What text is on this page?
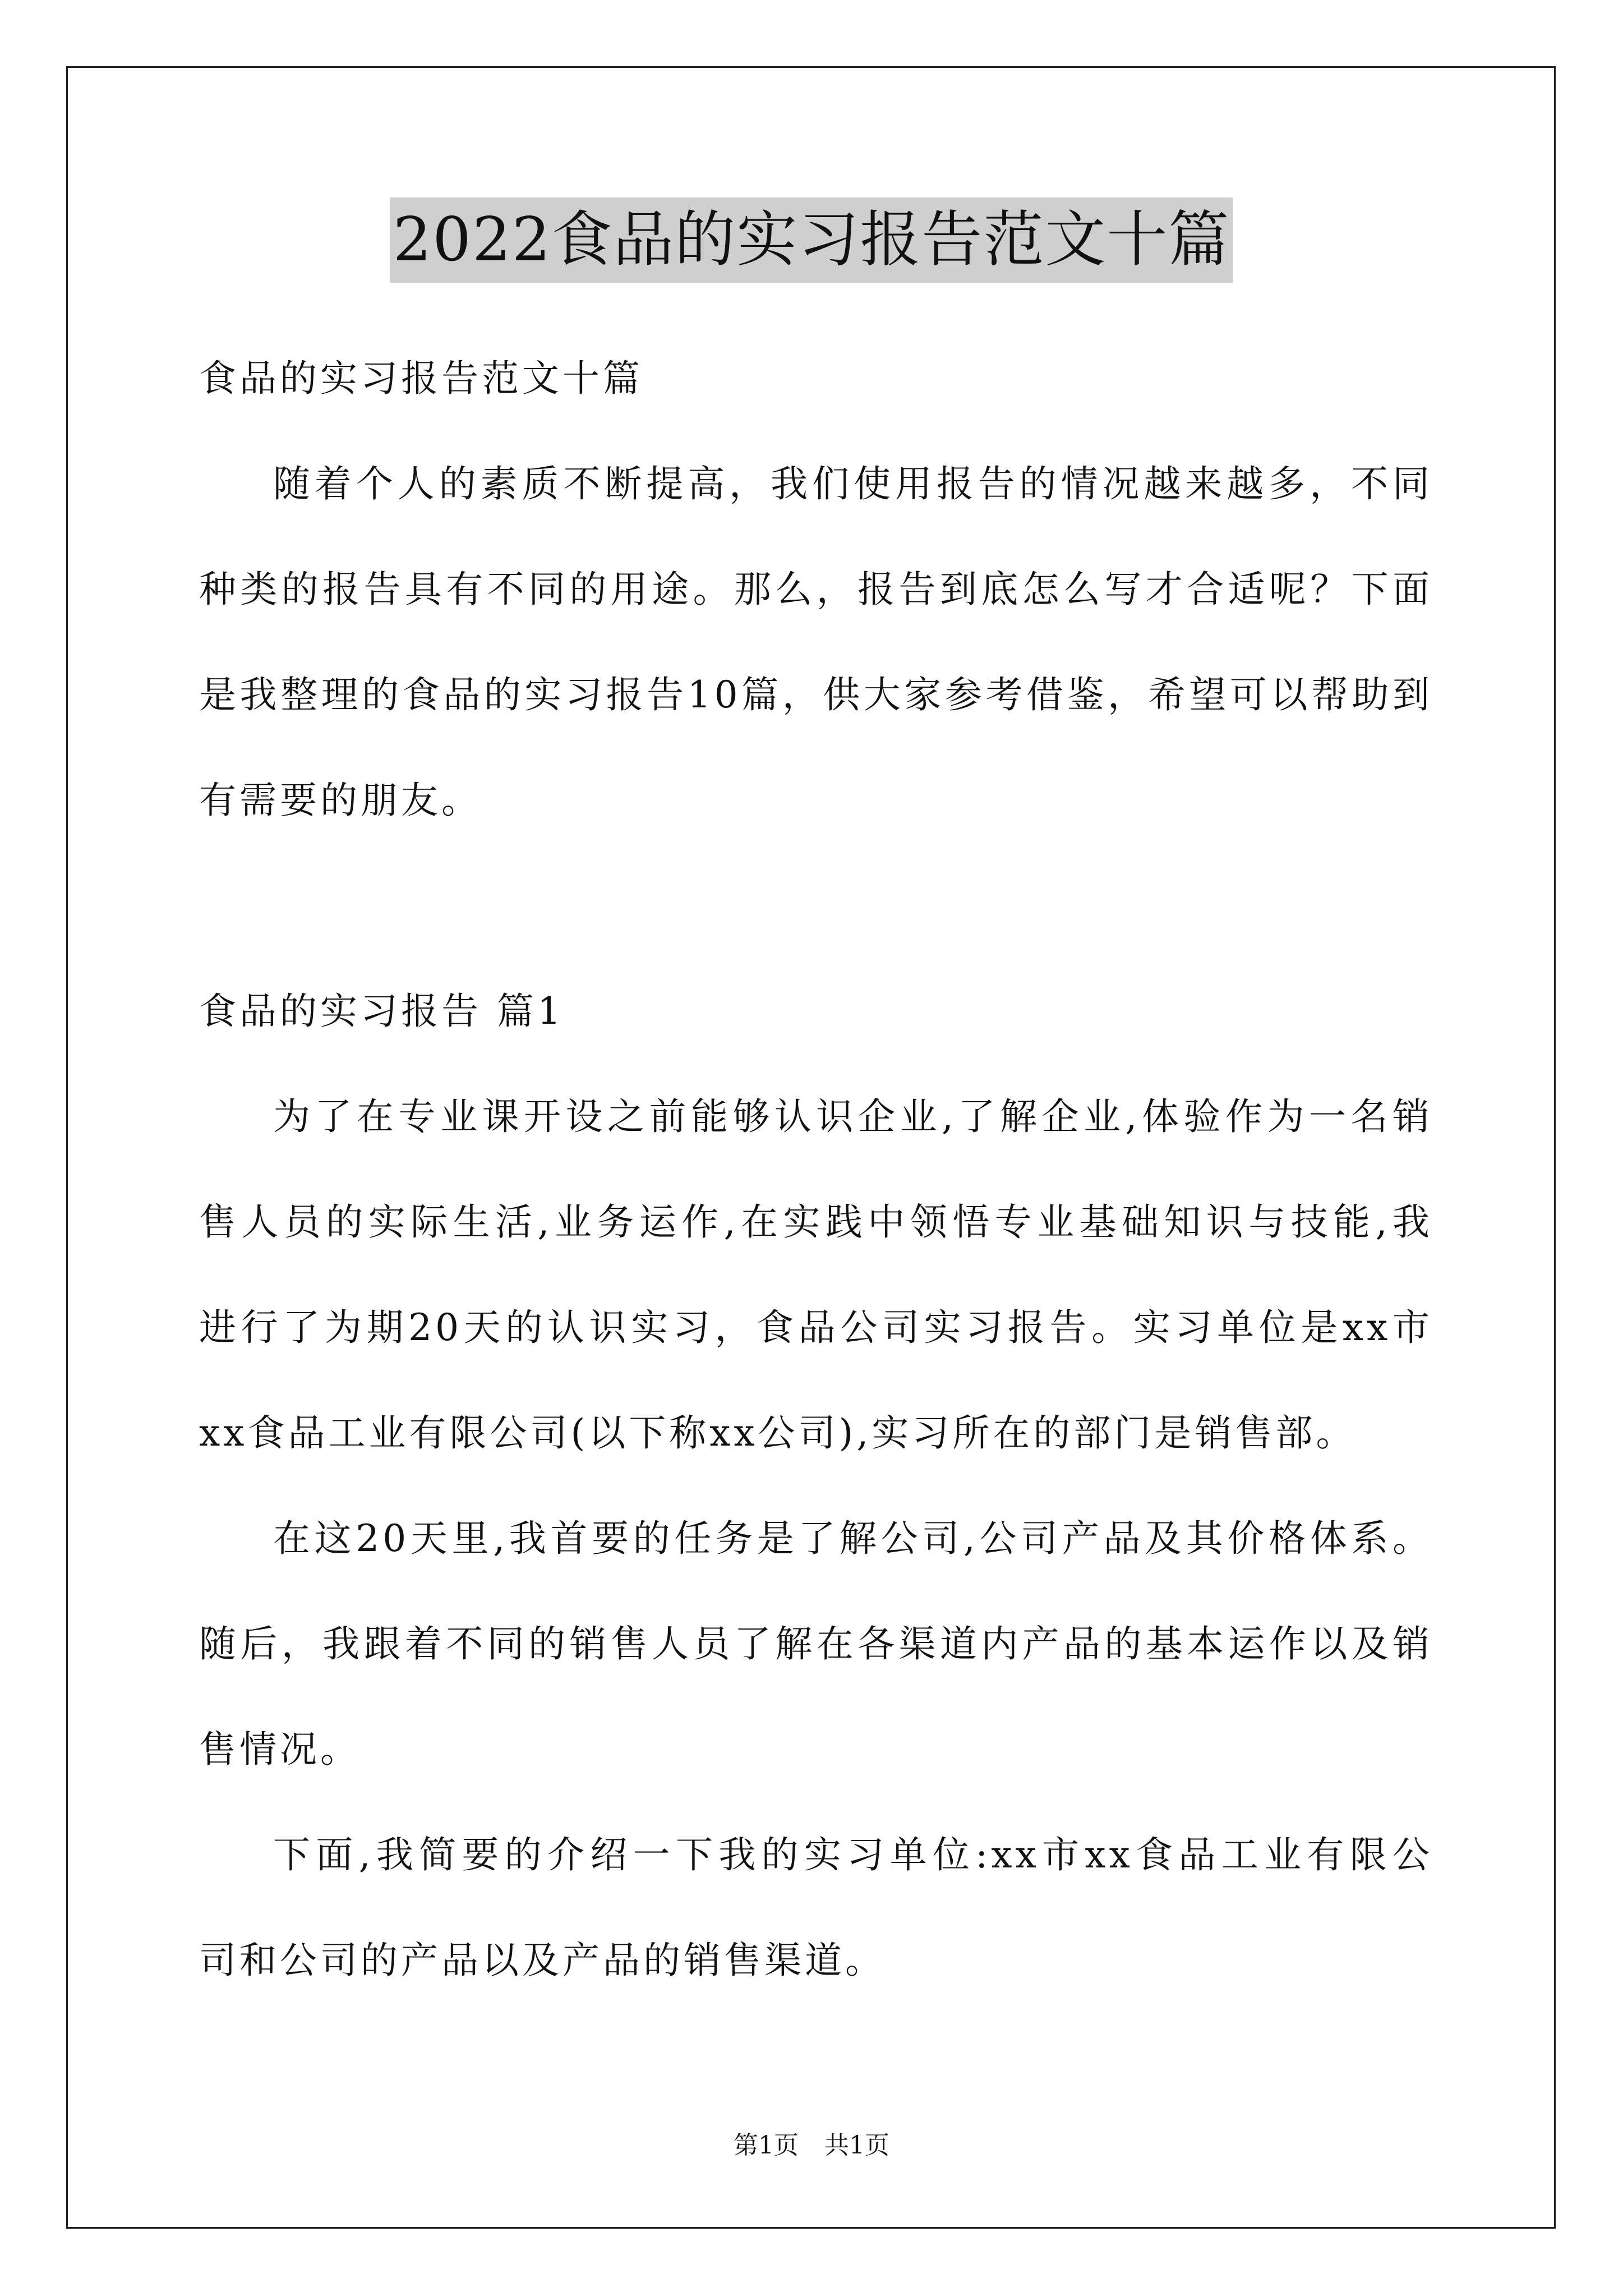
2022食品的实习报告范文十篇
食品的实习报告范文十篇
随着个人的素质不断提高，我们使用报告的情况越来越多，不同
种类的报告具有不同的用途。那么，报告到底怎么写才合适呢？下面
是我整理的食品的实习报告10篇，供大家参考借鉴，希望可以帮助到
有需要的朋友。
食品的实习报告 篇1
为了在专业课开设之前能够认识企业,了解企业,体验作为一名销
售人员的实际生活,业务运作,在实践中领悟专业基础知识与技能,我
进行了为期20天的认识实习，食品公司实习报告。实习单位是xx市
xx食品工业有限公司(以下称xx公司),实习所在的部门是销售部。
在这20天里,我首要的任务是了解公司,公司产品及其价格体系。
随后，我跟着不同的销售人员了解在各渠道内产品的基本运作以及销
售情况。
下面,我简要的介绍一下我的实习单位:xx市xx食品工业有限公
司和公司的产品以及产品的销售渠道。
第1页 共1页
